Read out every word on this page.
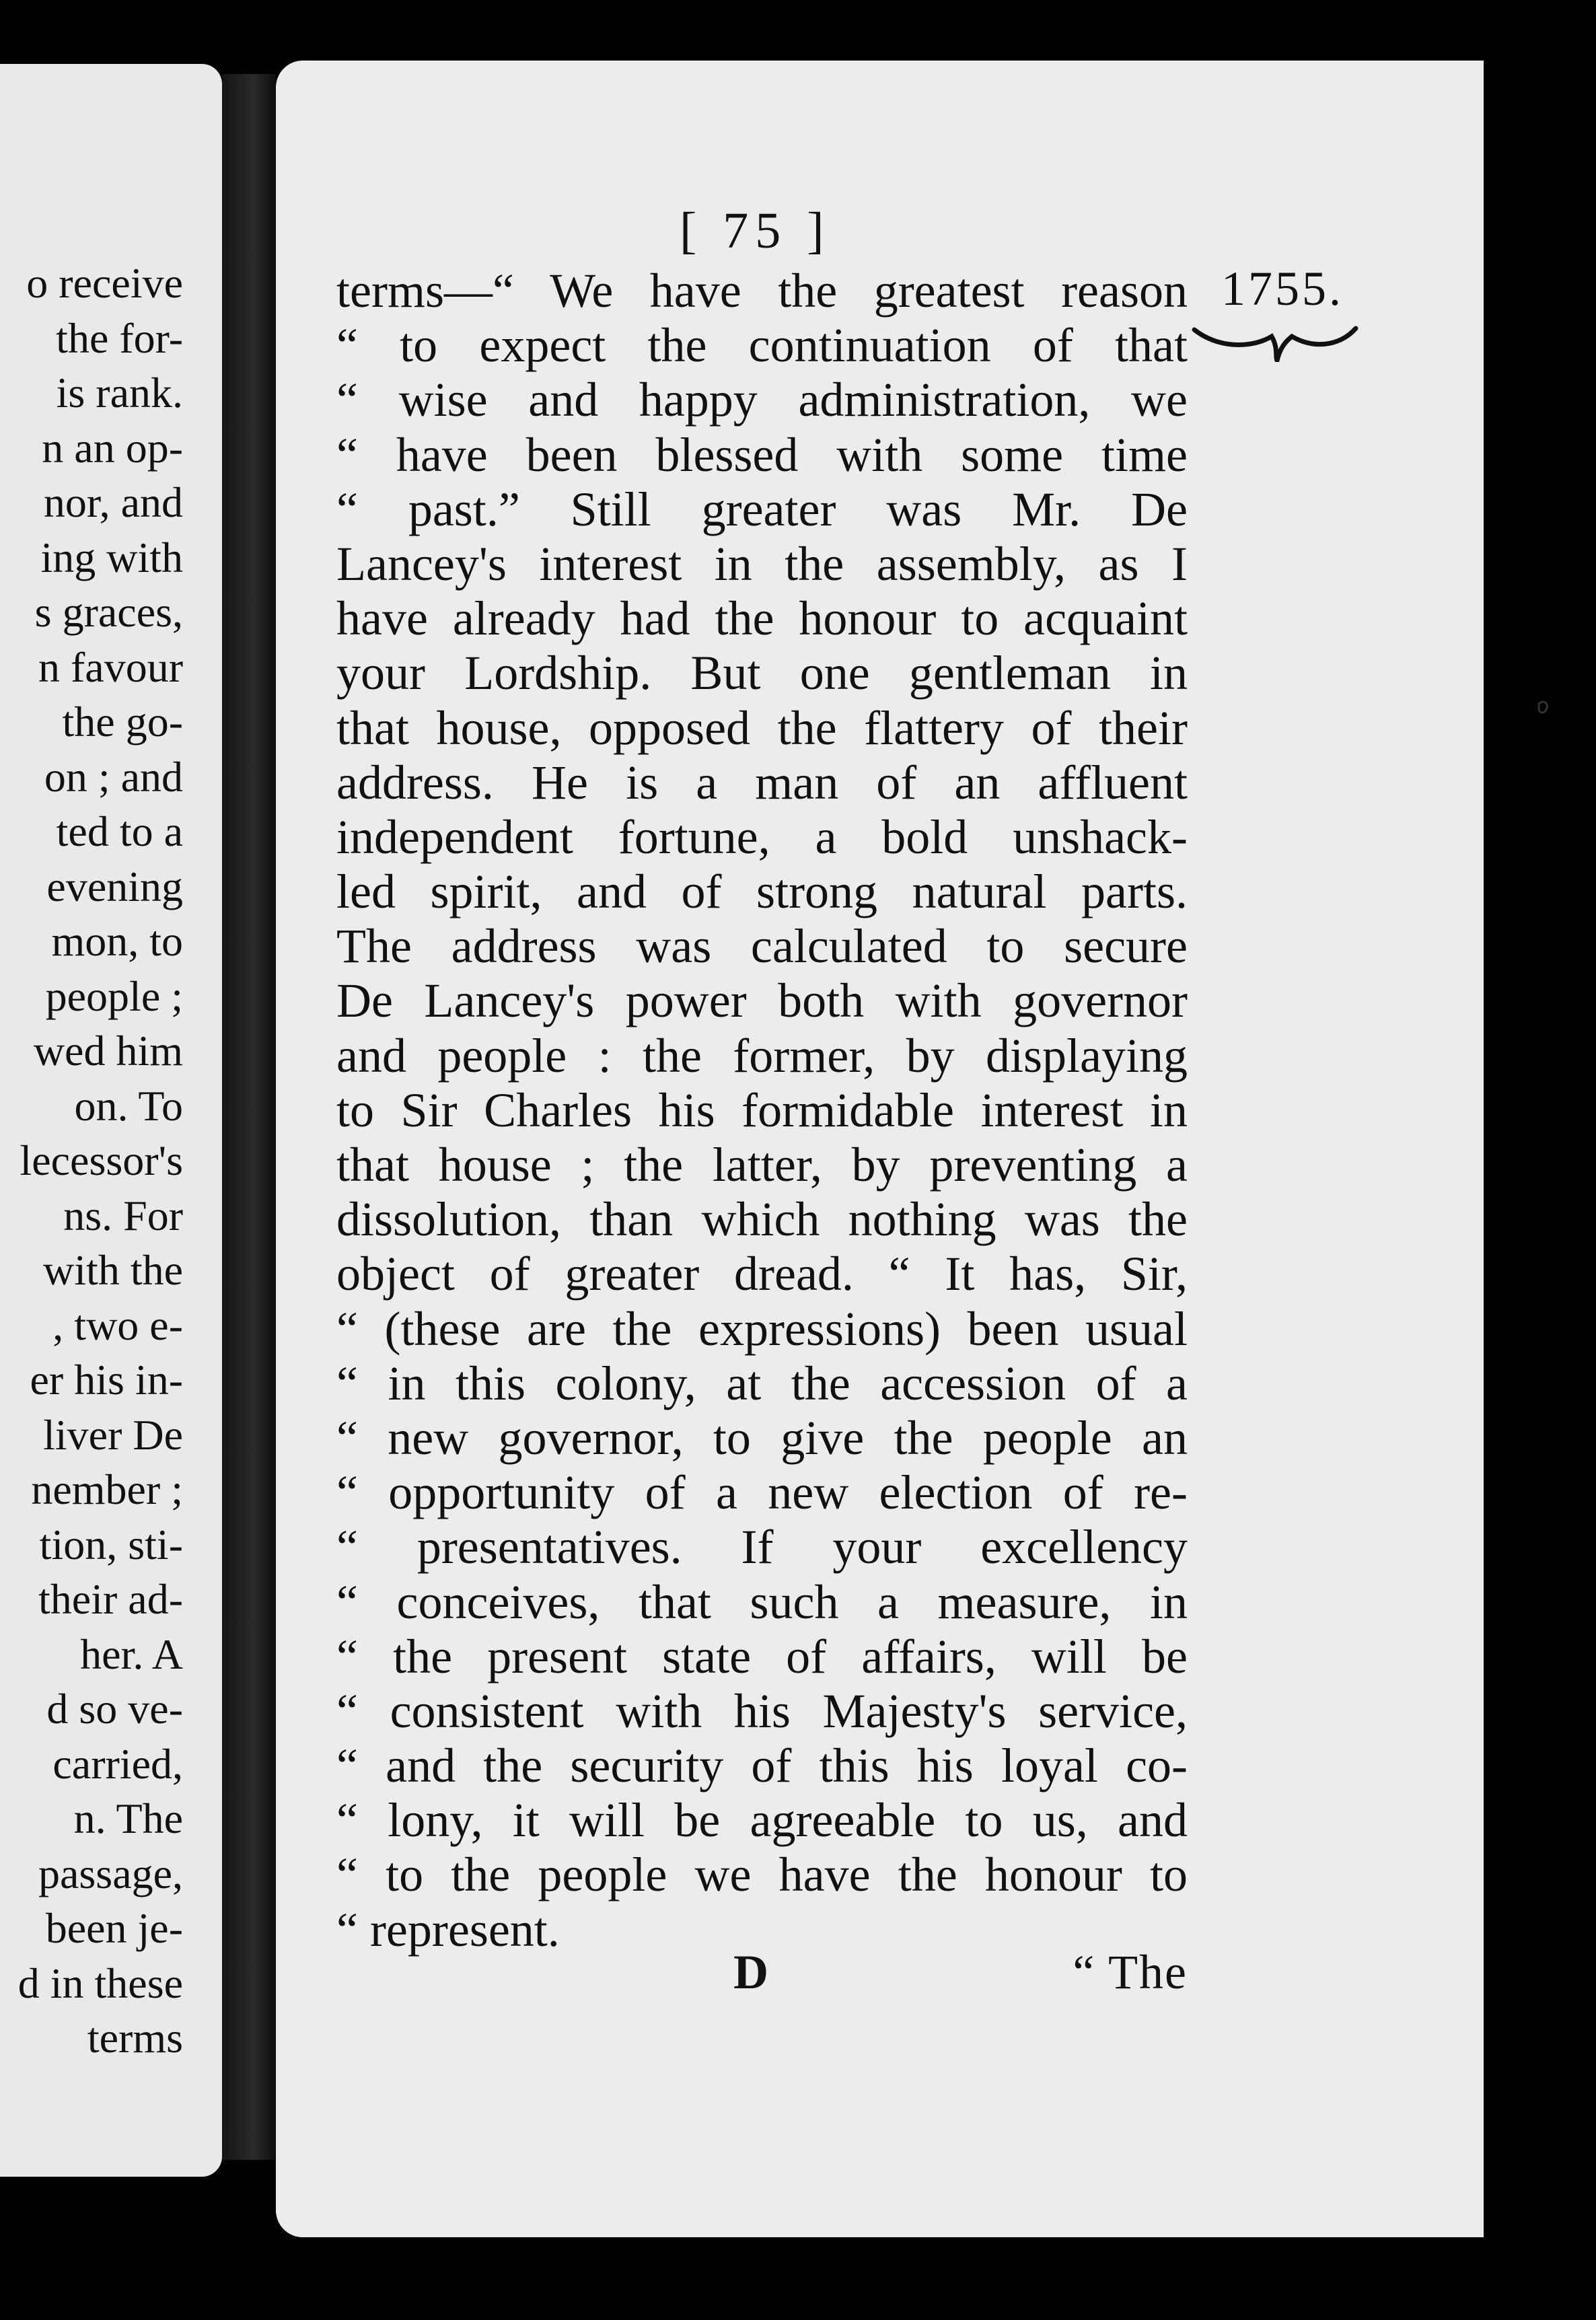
o receive
the for-
is rank.
n an op-
nor, and
ing with
s graces,
n favour
the go-
on ; and
ted to a
evening
mon, to
people ;
wed him
on. To
lecessor's
ns. For
with the
, two e-
er his in-
liver De
nember ;
tion, sti-
their ad-
her. A
d so ve-
carried,
n. The
passage,
been je-
d in these
terms
[ 75 ]
1755.
terms—“ We have the greatest reason
“ to expect the continuation of that
“ wise and happy administration, we
“ have been blessed with some time
“ past.” Still greater was Mr. De
Lancey's interest in the assembly, as I
have already had the honour to acquaint
your Lordship. But one gentleman in
that house, opposed the flattery of their
address. He is a man of an affluent
independent fortune, a bold unshack-
led spirit, and of strong natural parts.
The address was calculated to secure
De Lancey's power both with governor
and people : the former, by displaying
to Sir Charles his formidable interest in
that house ; the latter, by preventing a
dissolution, than which nothing was the
object of greater dread. “ It has, Sir,
“ (these are the expressions) been usual
“ in this colony, at the accession of a
“ new governor, to give the people an
“ opportunity of a new election of re-
“ presentatives. If your excellency
“ conceives, that such a measure, in
“ the present state of affairs, will be
“ consistent with his Majesty's service,
“ and the security of this his loyal co-
“ lony, it will be agreeable to us, and
“ to the people we have the honour to
“ represent.
D	“ The
